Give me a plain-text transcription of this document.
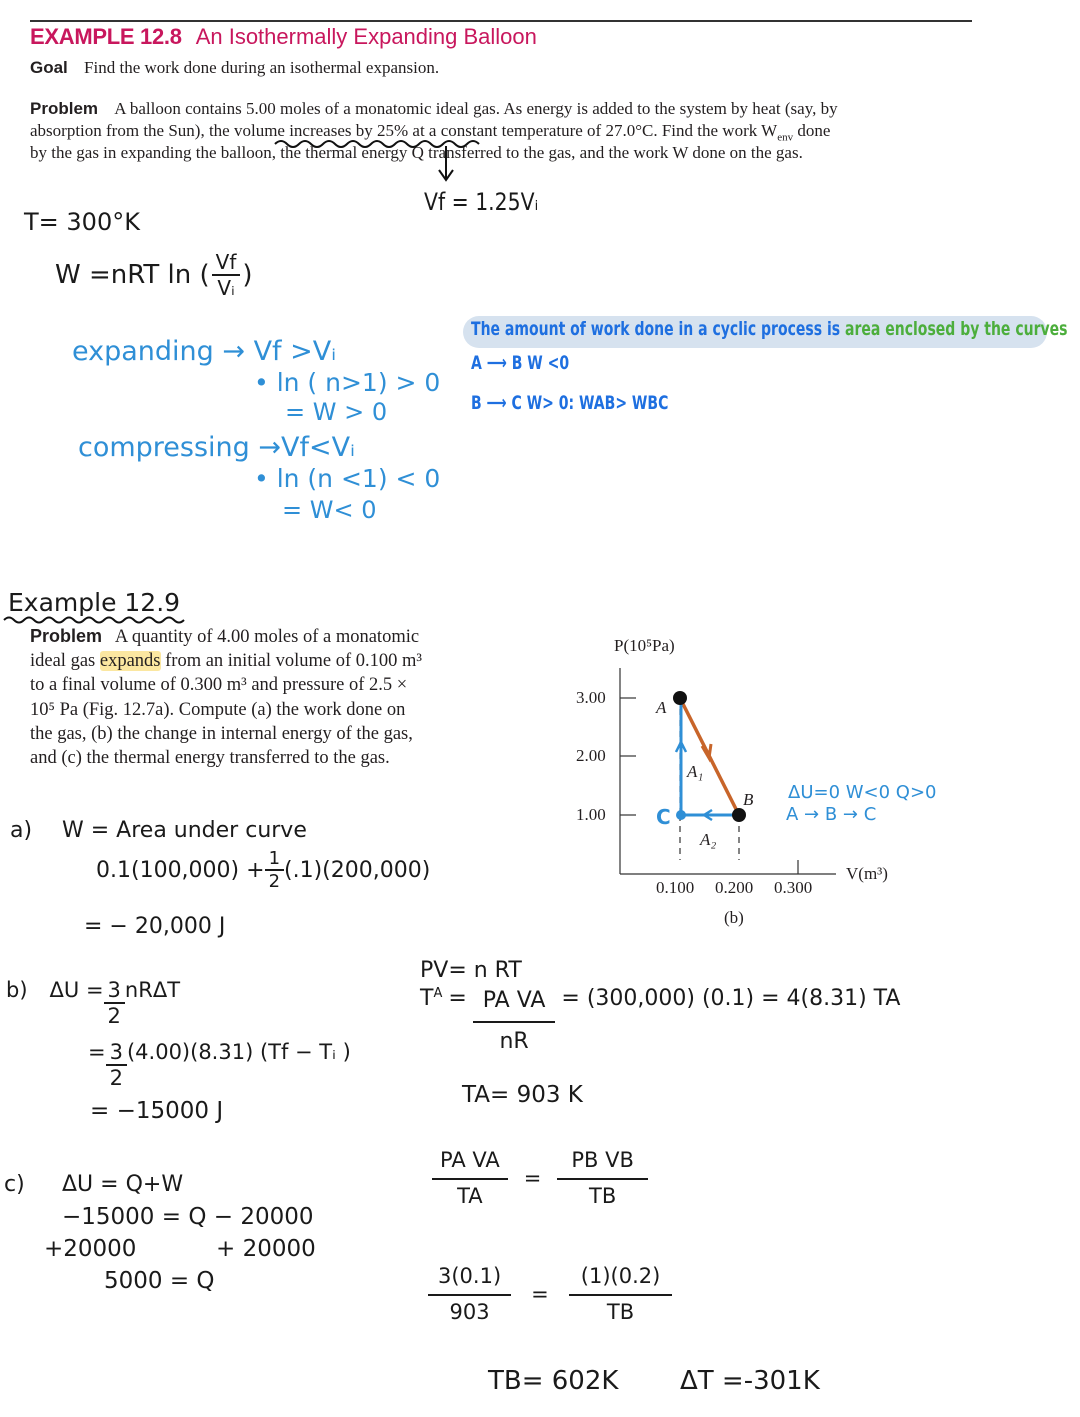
EXAMPLE 12.8 An Isothermally Expanding Balloon
Goal Find the work done during an isothermal expansion.
Problem A balloon contains 5.00 moles of a monatomic ideal gas. As energy is added to the system by heat (say, by
absorption from the Sun), the volume increases by 25% at a constant temperature of 27.0°C. Find the work $W_{env}$ done
by the gas in expanding the balloon, the thermal energy Q transferred to the gas, and the work W done on the gas.
Vf = 1.25Vᵢ
T= 300°K
W =nRT ln ( $\frac{Vf}{\text{Vᵢ}}$ )
expanding → Vf >Vᵢ
• ln ( n>1) > 0
= W > 0
compressing →Vf<Vᵢ
• ln (n <1) < 0
= W< 0
The amount of work done in a cyclic process is area enclosed by the curves
A ⟶ B W <0
B ⟶ C W> 0: WAB> WBC
Example 12.9
Problem A quantity of 4.00 moles of a monatomic
ideal gas expands from an initial volume of 0.100 m³
to a final volume of 0.300 m³ and pressure of 2.5 ×
10⁵ Pa (Fig. 12.7a). Compute (a) the work done on
the gas, (b) the change in internal energy of the gas,
and (c) the thermal energy transferred to the gas.
P(10⁵Pa)
3.00
2.00
1.00
A
B
C
A₁
A₂
0.100 0.200 0.300
V(m³)
(b)
ΔU=0 W<0 Q>0
A → B → C
a) W = Area under curve
$0.1(100,000) + \frac{1}{2} (.1)(200,000)$
= − 20,000 J
b) $\Delta U = \frac{3}{2}$ nRΔT
= $\frac{3}{2} (4.00)(8.31) (Tf$ − Tᵢ )
= −15000 J
c) ΔU = Q+W
−15000 = Q − 20000
+20000	+ 20000
5000 = Q
PV= n RT
$T^A = \frac{\text{PA VA}}{nR} = (300,000) (0.1) = 4(8.31)$ TA
TA= 903 K
$\frac{\text{PA VA}}{TA} = \frac{\text{PB VB}}{TB}$
$\frac{3(0.1)}{903} = \frac{(1)(0.2)}{TB}$
TB= 602K ΔT =-301K
